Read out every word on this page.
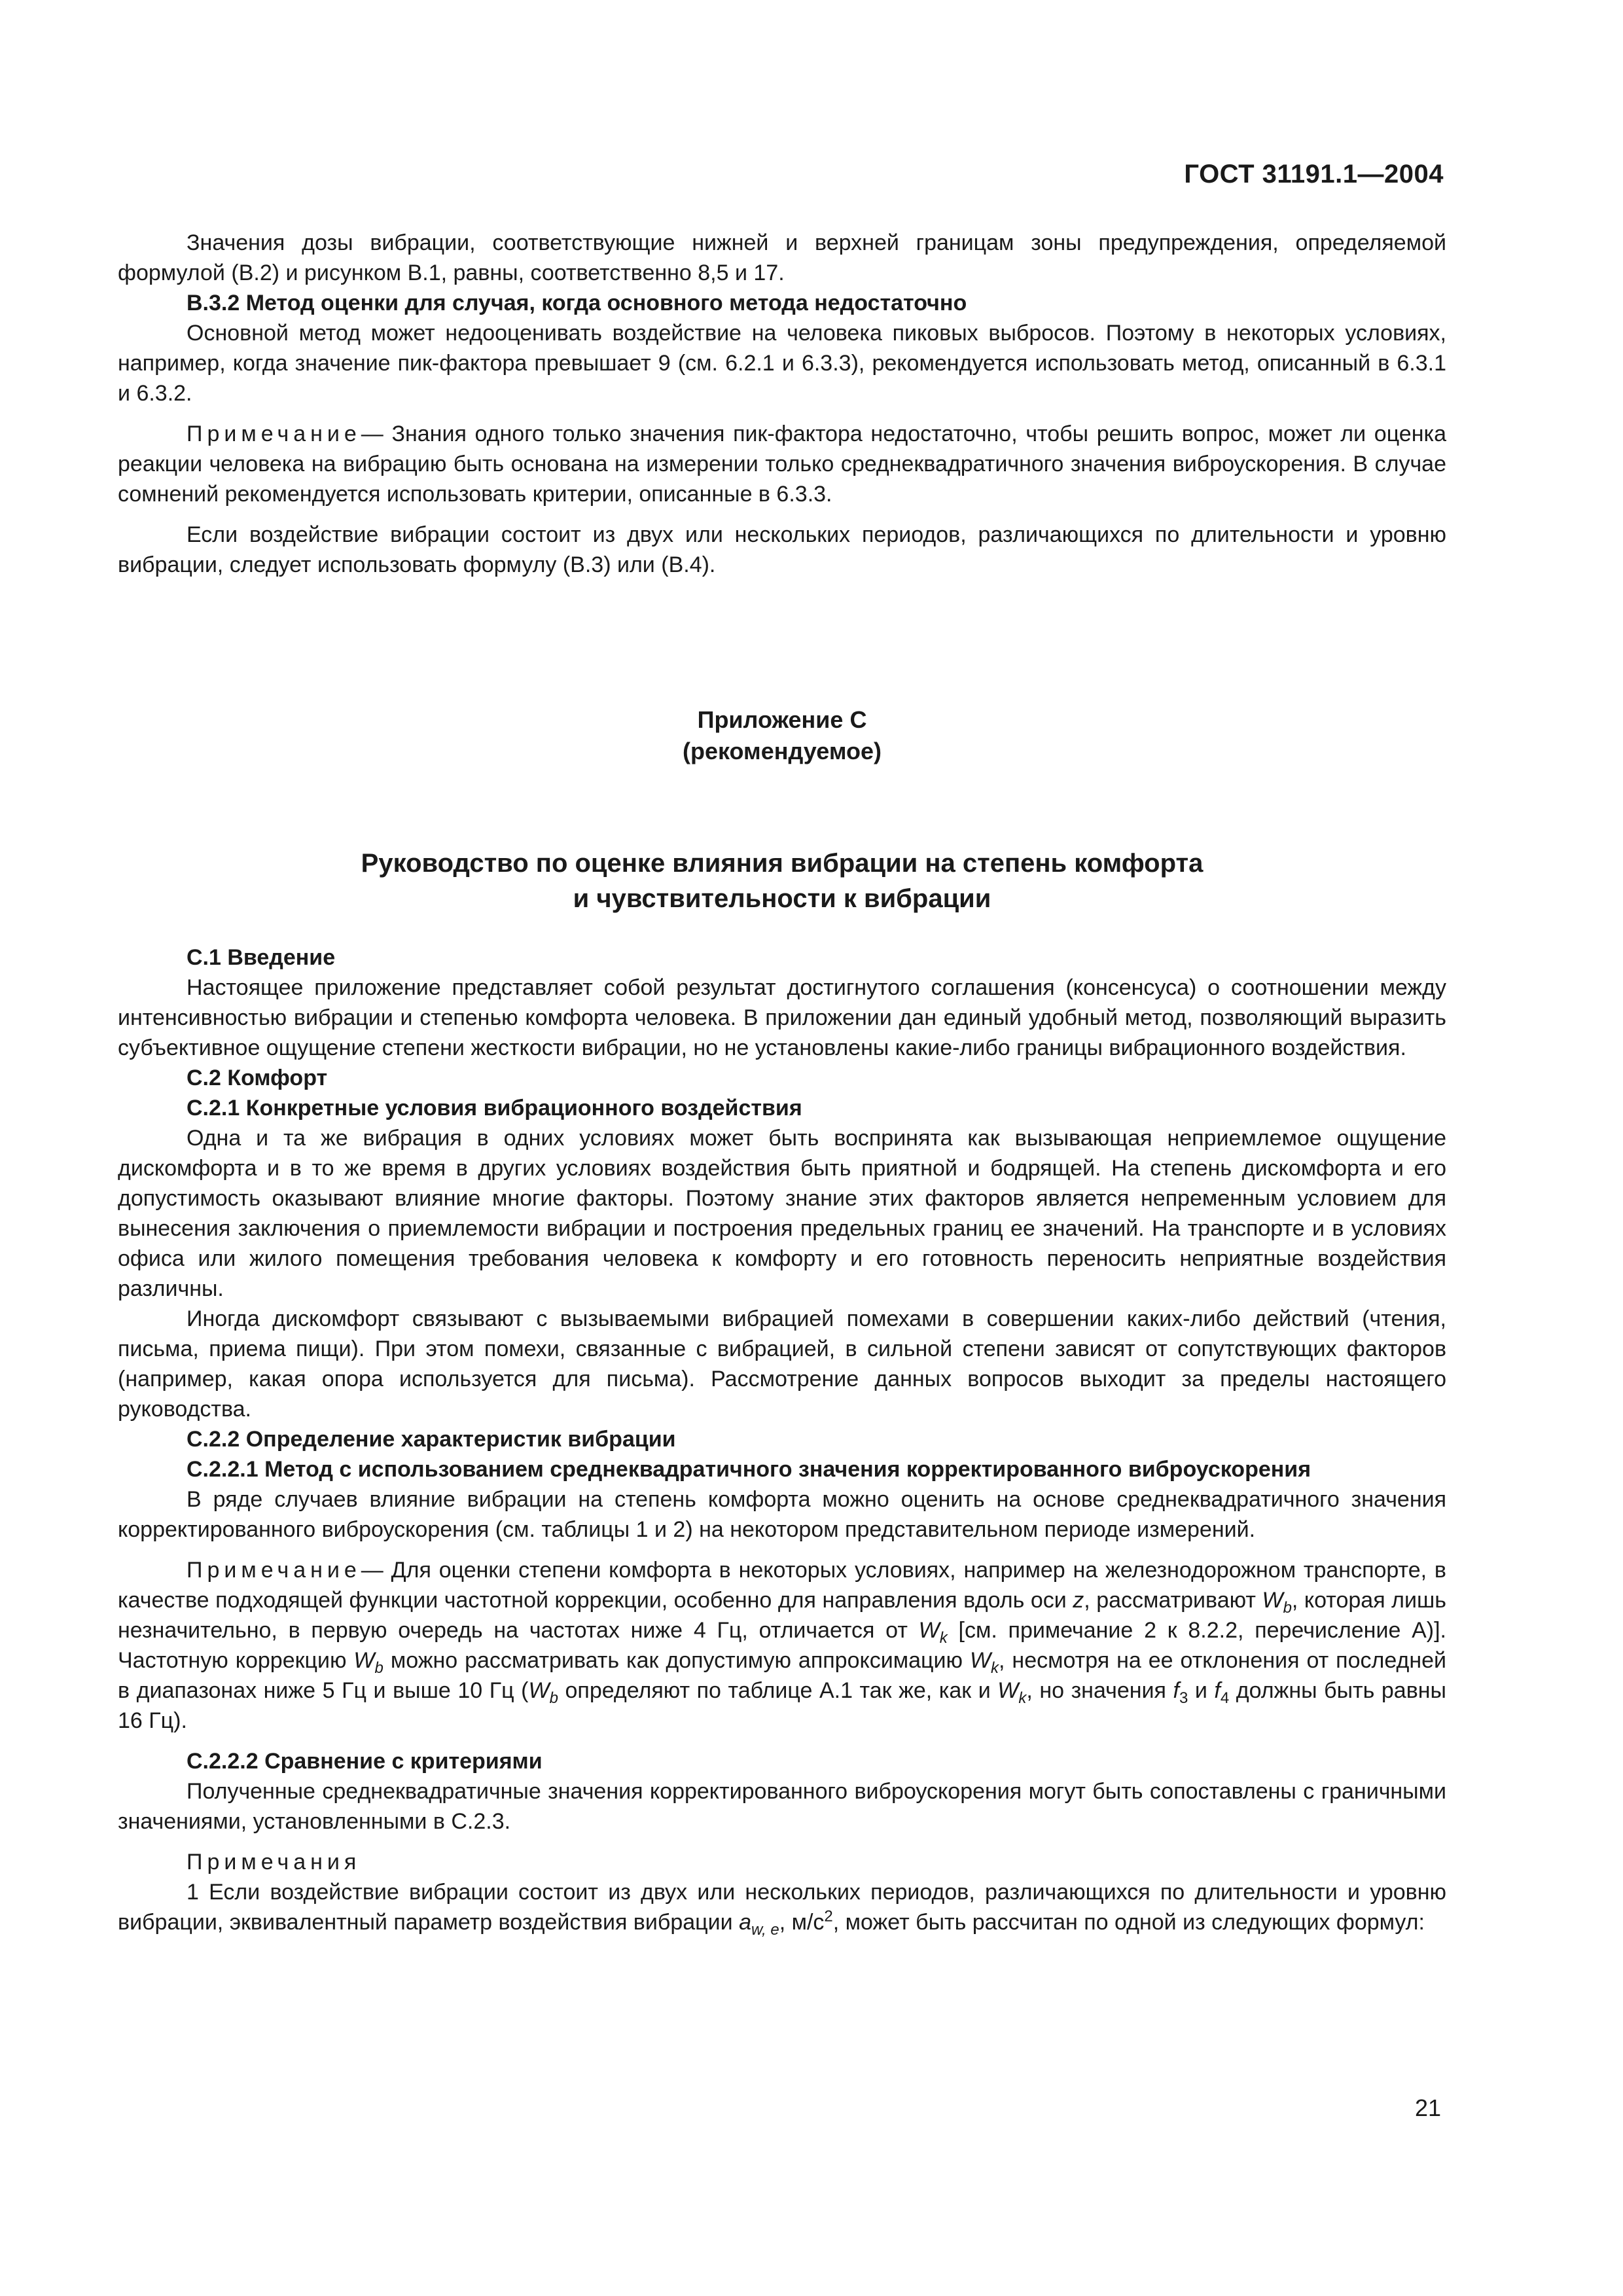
ГОСТ 31191.1—2004

Значения дозы вибрации, соответствующие нижней и верхней границам зоны предупреждения, определяемой формулой (В.2) и рисунком В.1, равны, соответственно 8,5 и 17.

В.3.2 Метод оценки для случая, когда основного метода недостаточно

Основной метод может недооценивать воздействие на человека пиковых выбросов. Поэтому в некоторых условиях, например, когда значение пик-фактора превышает 9 (см. 6.2.1 и 6.3.3), рекомендуется использовать метод, описанный в 6.3.1 и 6.3.2.

Примечание— Знания одного только значения пик-фактора недостаточно, чтобы решить вопрос, может ли оценка реакции человека на вибрацию быть основана на измерении только среднеквадратичного значения виброускорения. В случае сомнений рекомендуется использовать критерии, описанные в 6.3.3.

Если воздействие вибрации состоит из двух или нескольких периодов, различающихся по длительности и уровню вибрации, следует использовать формулу (В.3) или (В.4).

Приложение С

(рекомендуемое)

Руководство по оценке влияния вибрации на степень комфорта

и чувствительности к вибрации

С.1 Введение

Настоящее приложение представляет собой результат достигнутого соглашения (консенсуса) о соотношении между интенсивностью вибрации и степенью комфорта человека. В приложении дан единый удобный метод, позволяющий выразить субъективное ощущение степени жесткости вибрации, но не установлены какие-либо границы вибрационного воздействия.

С.2 Комфорт

С.2.1 Конкретные условия вибрационного воздействия

Одна и та же вибрация в одних условиях может быть воспринята как вызывающая неприемлемое ощущение дискомфорта и в то же время в других условиях воздействия быть приятной и бодрящей. На степень дискомфорта и его допустимость оказывают влияние многие факторы. Поэтому знание этих факторов является непременным условием для вынесения заключения о приемлемости вибрации и построения предельных границ ее значений. На транспорте и в условиях офиса или жилого помещения требования человека к комфорту и его готовность переносить неприятные воздействия различны.

Иногда дискомфорт связывают с вызываемыми вибрацией помехами в совершении каких-либо действий (чтения, письма, приема пищи). При этом помехи, связанные с вибрацией, в сильной степени зависят от сопутствующих факторов (например, какая опора используется для письма). Рассмотрение данных вопросов выходит за пределы настоящего руководства.

С.2.2 Определение характеристик вибрации

С.2.2.1 Метод с использованием среднеквадратичного значения корректированного виброускорения

В ряде случаев влияние вибрации на степень комфорта можно оценить на основе среднеквадратичного значения корректированного виброускорения (см. таблицы 1 и 2) на некотором представительном периоде измерений.

Примечание— Для оценки степени комфорта в некоторых условиях, например на железнодорожном транспорте, в качестве подходящей функции частотной коррекции, особенно для направления вдоль оси z, рассматривают $W_b$, которая лишь незначительно, в первую очередь на частотах ниже 4 Гц, отличается от $W_k$ [см. примечание 2 к 8.2.2, перечисление А)]. Частотную коррекцию $W_b$ можно рассматривать как допустимую аппроксимацию $W_k$, несмотря на ее отклонения от последней в диапазонах ниже 5 Гц и выше 10 Гц ($W_b$ определяют по таблице А.1 так же, как и $W_k$, но значения $f_3$ и $f_4$ должны быть равны 16 Гц).

С.2.2.2 Сравнение с критериями

Полученные среднеквадратичные значения корректированного виброускорения могут быть сопоставлены с граничными значениями, установленными в С.2.3.

Примечания

1 Если воздействие вибрации состоит из двух или нескольких периодов, различающихся по длительности и уровню вибрации, эквивалентный параметр воздействия вибрации $a_{w, e}$, $м/с^2$, может быть рассчитан по одной из следующих формул:

21
